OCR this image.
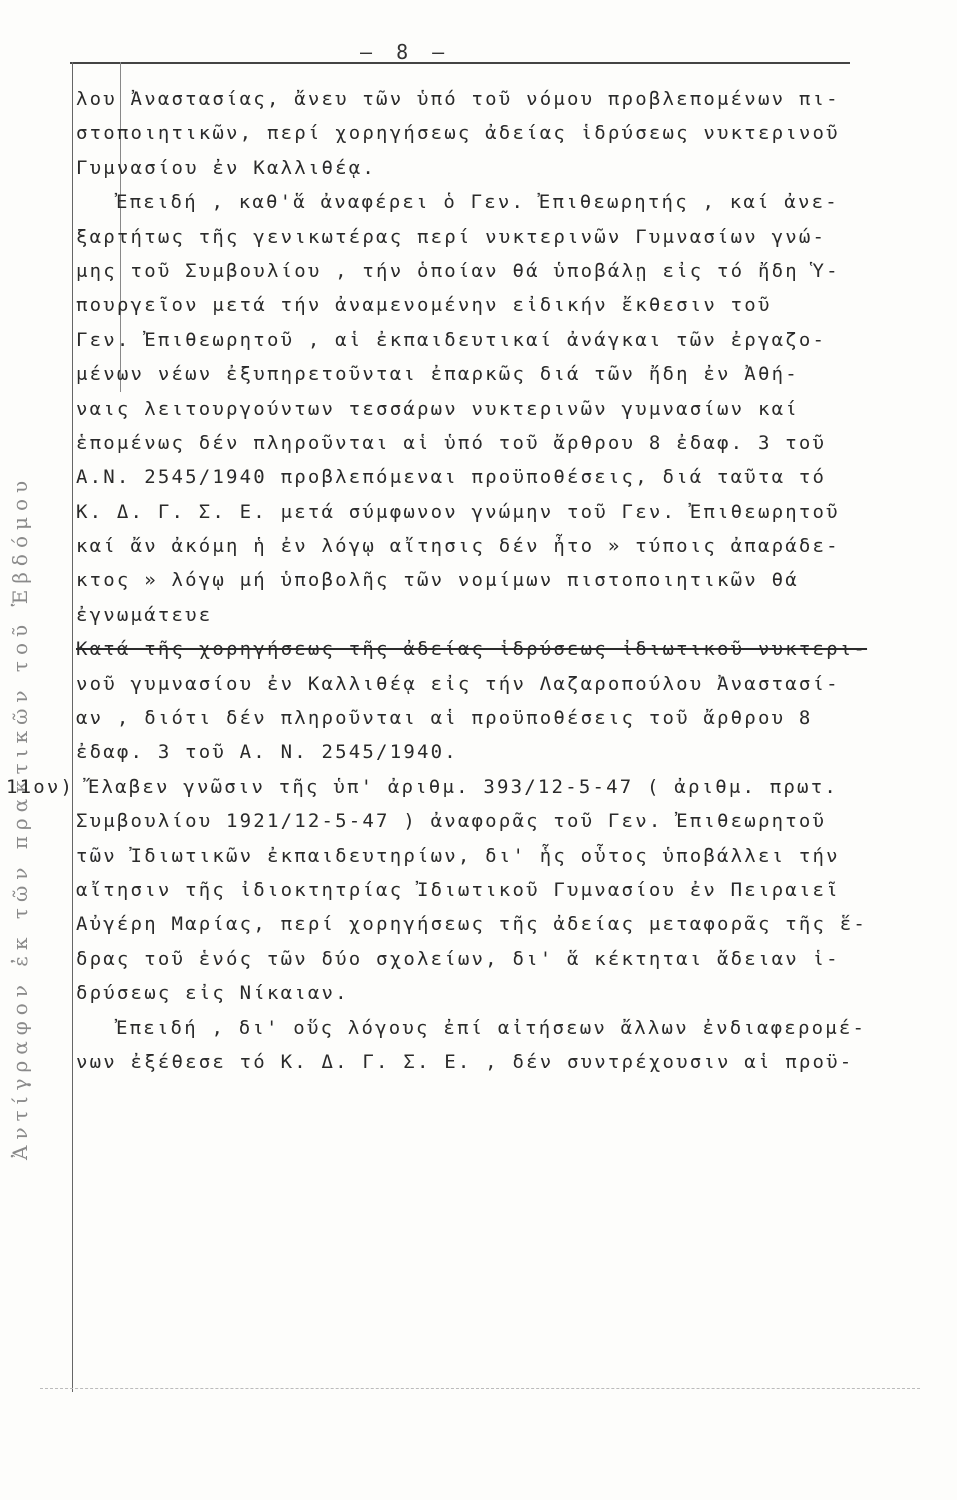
– 8 –
Ἀντίγραφον ἐκ τῶν πρακτικῶν τοῦ Ἑβδόμου
λου Ἀναστασίας, ἄνευ τῶν ὑπό τοῦ νόμου προβλεπομένων πι-
στοποιητικῶν, περί χορηγήσεως ἀδείας ἱδρύσεως νυκτερινοῦ
Γυμνασίου ἐν Καλλιθέᾳ.
Ἐπειδή , καθ'ἅ ἀναφέρει ὁ Γεν. Ἐπιθεωρητής , καί ἀνε-
ξαρτήτως τῆς γενικωτέρας περί νυκτερινῶν Γυμνασίων γνώ-
μης τοῦ Συμβουλίου , τήν ὁποίαν θά ὑποβάλῃ εἰς τό ἤδη Ὑ-
πουργεῖον μετά τήν ἀναμενομένην εἰδικήν ἔκθεσιν τοῦ
Γεν. Ἐπιθεωρητοῦ , αἱ ἐκπαιδευτικαί ἀνάγκαι τῶν ἐργαζο-
μένων νέων ἐξυπηρετοῦνται ἐπαρκῶς διά τῶν ἤδη ἐν Ἀθή-
ναις λειτουργούντων τεσσάρων νυκτερινῶν γυμνασίων καί
ἑπομένως δέν πληροῦνται αἱ ὑπό τοῦ ἄρθρου 8 ἐδαφ. 3 τοῦ
Α.Ν. 2545/1940 προβλεπόμεναι προϋποθέσεις, διά ταῦτα τό
Κ. Δ. Γ. Σ. Ε. μετά σύμφωνον γνώμην τοῦ Γεν. Ἐπιθεωρητοῦ
καί ἄν ἀκόμη ἡ ἐν λόγῳ αἴτησις δέν ἦτο » τύποις ἀπαράδε-
κτος » λόγῳ μή ὑποβολῆς τῶν νομίμων πιστοποιητικῶν θά
ἐγνωμάτευε
Κατά τῆς χορηγήσεως τῆς ἀδείας ἱδρύσεως ἰδιωτικοῦ νυκτερι-
νοῦ γυμνασίου ἐν Καλλιθέᾳ εἰς τήν Λαζαροπούλου Ἀναστασί-
αν , διότι δέν πληροῦνται αἱ προϋποθέσεις τοῦ ἄρθρου 8
ἐδαφ. 3 τοῦ Α. Ν. 2545/1940.
11ον) Ἔλαβεν γνῶσιν τῆς ὑπ' ἀριθμ. 393/12-5-47 ( ἀριθμ. πρωτ.
Συμβουλίου 1921/12-5-47 ) ἀναφορᾶς τοῦ Γεν. Ἐπιθεωρητοῦ
τῶν Ἰδιωτικῶν ἐκπαιδευτηρίων, δι' ἧς οὗτος ὑποβάλλει τήν
αἴτησιν τῆς ἰδιοκτητρίας Ἰδιωτικοῦ Γυμνασίου ἐν Πειραιεῖ
Αὐγέρη Μαρίας, περί χορηγήσεως τῆς ἀδείας μεταφορᾶς τῆς ἕ-
δρας τοῦ ἑνός τῶν δύο σχολείων, δι' ἅ κέκτηται ἄδειαν ἱ-
δρύσεως εἰς Νίκαιαν.
Ἐπειδή , δι' οὕς λόγους ἐπί αἰτήσεων ἄλλων ἐνδιαφερομέ-
νων ἐξέθεσε τό Κ. Δ. Γ. Σ. Ε. , δέν συντρέχουσιν αἱ προϋ-
